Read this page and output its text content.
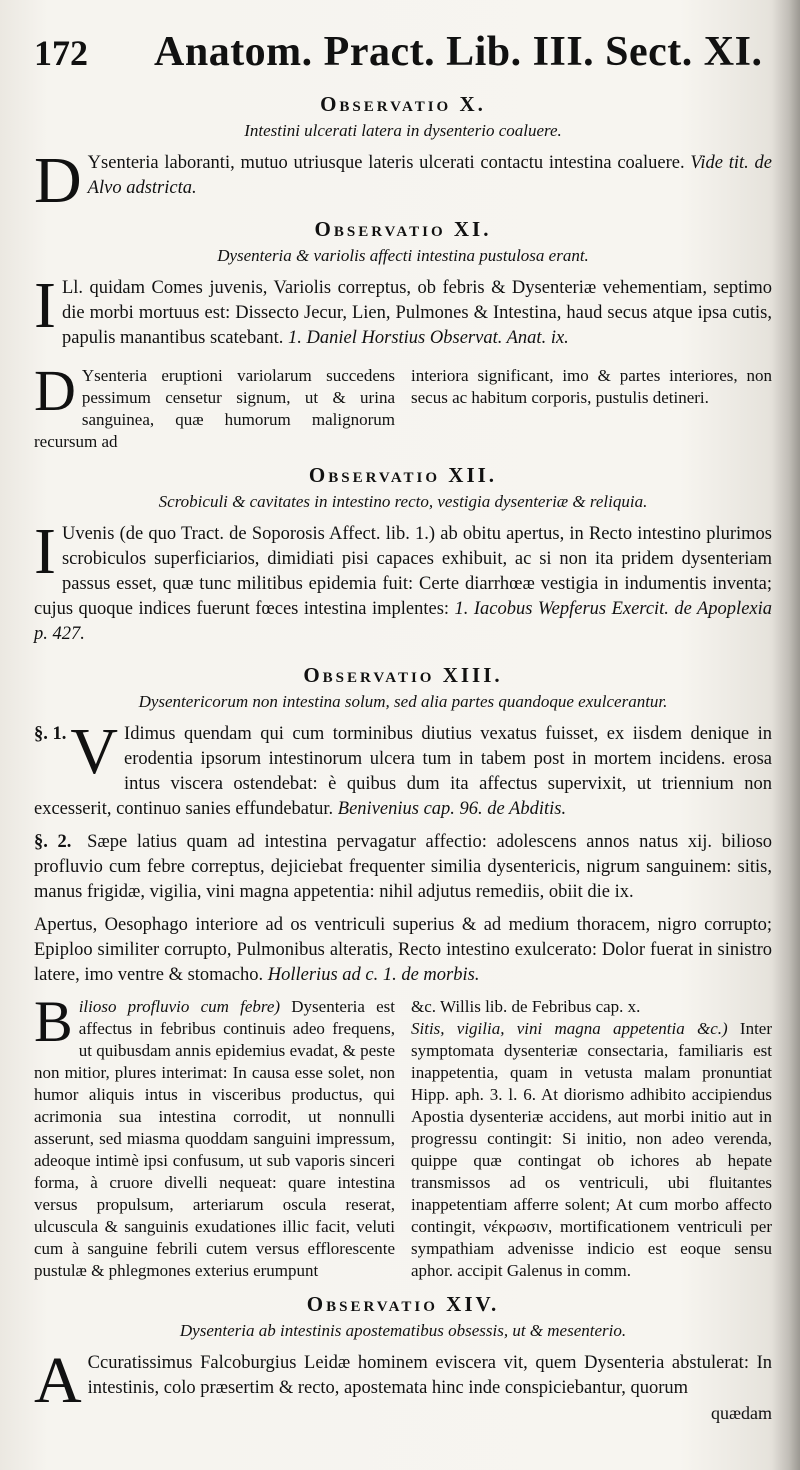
172	Anatom. Pract. Lib. III. Sect. XI.
Observatio X.
Intestini ulcerati latera in dysenterio coaluere.

D Ysenteria laboranti, mutuo utriusque lateris ulcerati contactu intestina coaluere. Vide tit. de Alvo adstricta.

Observatio XI.
Dysenteria & variolis affecti intestina pustulosa erant.

I Ll. quidam Comes juvenis, Variolis correptus, ob febris & Dysenteriæ vehementiam, septimo die morbi mortuus est: Dissecto Jecur, Lien, Pulmones & Intestina, haud secus atque ipsa cutis, papulis manantibus scatebant. 1. Daniel Horstius Observat. Anat. ix.

D Ysenteria eruptioni variolarum succedens pessimum censetur signum, ut & urina sanguinea, quæ humorum malignorum recursum ad
interiora significant, imo & partes interiores, non secus ac habitum corporis, pustulis detineri.
Observatio XII.
Scrobiculi & cavitates in intestino recto, vestigia dysenteriæ & reliquia.

I Uvenis (de quo Tract. de Soporosis Affect. lib. 1.) ab obitu apertus, in Recto intestino plurimos scrobiculos superficiarios, dimidiati pisi capaces exhibuit, ac si non ita pridem dysenteriam passus esset, quæ tunc militibus epidemia fuit: Certe diarrhœæ vestigia in indumentis inventa; cujus quoque indices fuerunt fœces intestina implentes: 1. Iacobus Wepferus Exercit. de Apoplexia p. 427.

Observatio XIII.
Dysentericorum non intestina solum, sed alia partes quandoque exulcerantur.

§. 1. V Idimus quendam qui cum torminibus diutius vexatus fuisset, ex iisdem denique in erodentia ipsorum intestinorum ulcera tum in tabem post in mortem incidens. erosa intus viscera ostendebat: è quibus dum ita affectus supervixit, ut triennium non excesserit, continuo sanies effundebatur. Benivenius cap. 96. de Abditis.

§. 2. Sæpe latius quam ad intestina pervagatur affectio: adolescens annos natus xij. bilioso profluvio cum febre correptus, dejiciebat frequenter similia dysentericis, nigrum sanguinem: sitis, manus frigidæ, vigilia, vini magna appetentia: nihil adjutus remediis, obiit die ix.

Apertus, Oesophago interiore ad os ventriculi superius & ad medium thoracem, nigro corrupto; Epiploo similiter corrupto, Pulmonibus alteratis, Recto intestino exulcerato: Dolor fuerat in sinistro latere, imo ventre & stomacho. Hollerius ad c. 1. de morbis.

B ilioso profluvio cum febre) Dysenteria est affectus in febribus continuis adeo frequens, ut quibusdam annis epidemius evadat, & peste non mitior, plures interimat: In causa esse solet, non humor aliquis intus in visceribus productus, qui acrimonia sua intestina corrodit, ut nonnulli asserunt, sed miasma quoddam sanguini impressum, adeoque intimè ipsi confusum, ut sub vaporis sinceri forma, à cruore divelli nequeat: quare intestina versus propulsum, arteriarum oscula reserat, ulcuscula & sanguinis exudationes illic facit, veluti cum à sanguine febrili cutem versus efflorescente pustulæ & phlegmones exterius erumpunt
&c. Willis lib. de Febribus cap. x.
Sitis, vigilia, vini magna appetentia &c.) Inter symptomata dysenteriæ consectaria, familiaris est inappetentia, quam in vetusta malam pronuntiat Hipp. aph. 3. l. 6. At diorismo adhibito accipiendus Apostia dysenteriæ accidens, aut morbi initio aut in progressu contingit: Si initio, non adeo verenda, quippe quæ contingat ob ichores ab hepate transmissos ad os ventriculi, ubi fluitantes inappetentiam afferre solent; At cum morbo affecto contingit, νέκρωσιν, mortificationem ventriculi per sympathiam advenisse indicio est eoque sensu aphor. accipit Galenus in comm.
Observatio XIV.
Dysenteria ab intestinis apostematibus obsessis, ut & mesenterio.

A Ccuratissimus Falcoburgius Leidæ hominem eviscera vit, quem Dysenteria abstulerat: In intestinis, colo præsertim & recto, apostemata hinc inde conspiciebantur, quorum

quædam
